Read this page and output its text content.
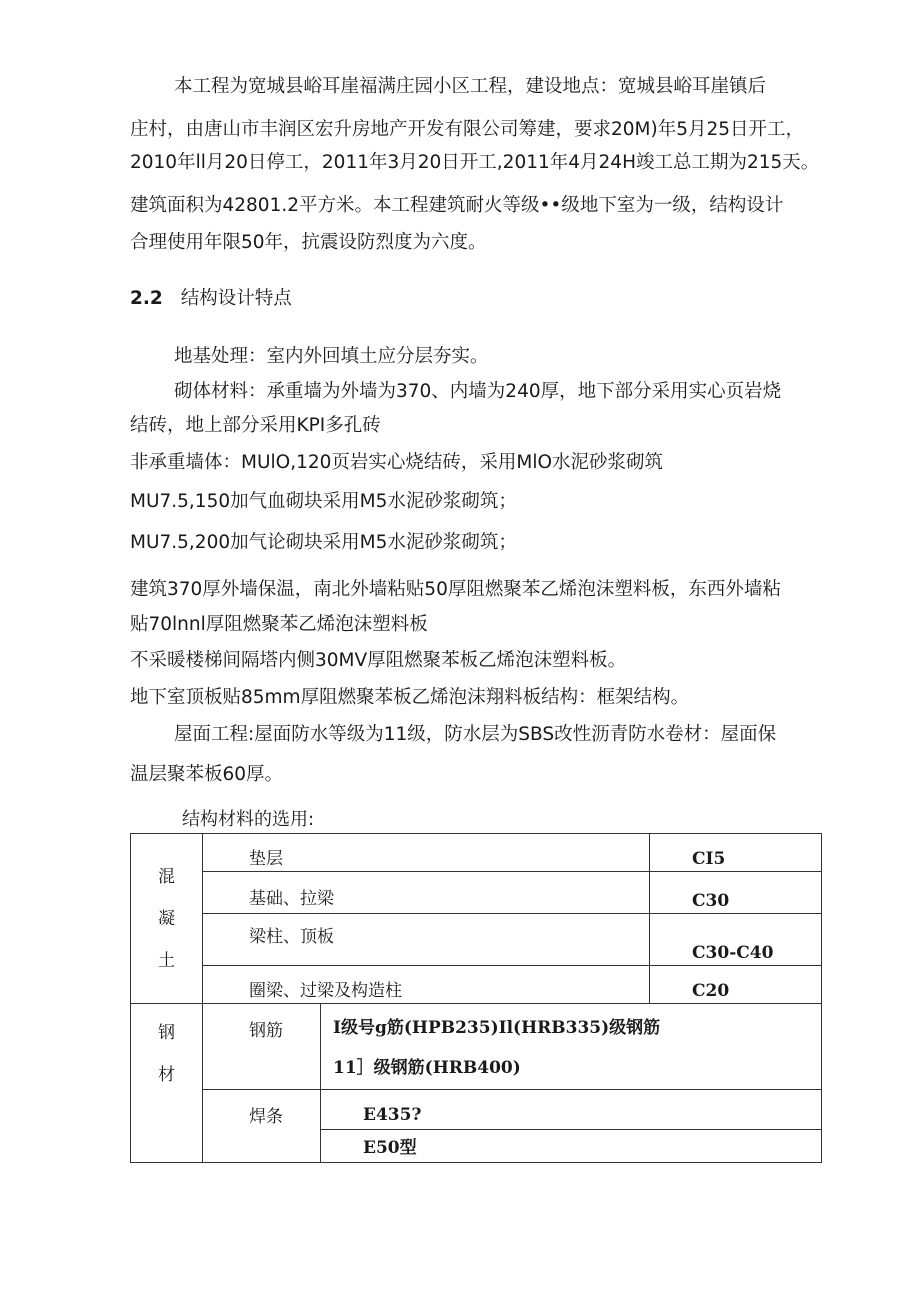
本工程为宽城县峪耳崖福满庄园小区工程，建设地点：宽城县峪耳崖镇后
庄村，由唐山市丰润区宏升房地产开发有限公司筹建，要求20M)年5月25日开工，
2010年ll月20日停工，2011年3月20日开工,2011年4月24H竣工总工期为215天。
建筑面积为42801.2平方米。本工程建筑耐火等级••级地下室为一级，结构设计
合理使用年限50年，抗震设防烈度为六度。
2.2 结构设计特点
地基处理：室内外回填土应分层夯实。
砌体材料：承重墙为外墙为370、内墙为240厚，地下部分采用实心页岩烧
结砖，地上部分采用KPI多孔砖
非承重墙体：MUlO,120页岩实心烧结砖，采用MlO水泥砂浆砌筑
MU7.5,150加气血砌块采用M5水泥砂浆砌筑；
MU7.5,200加气论砌块采用M5水泥砂浆砌筑；
建筑370厚外墙保温，南北外墙粘贴50厚阻燃聚苯乙烯泡沫塑料板，东西外墙粘
贴70lnnl厚阻燃聚苯乙烯泡沫塑料板
不采暖楼梯间隔塔内侧30MV厚阻燃聚苯板乙烯泡沫塑料板。
地下室顶板贴85mm厚阻燃聚苯板乙烯泡沫翔料板结构：框架结构。
屋面工程:屋面防水等级为11级，防水层为SBS改性沥青防水卷材：屋面保
温层聚苯板60厚。
结构材料的选用:
混
凝
土	垫层		CI5
	基础、拉梁		C30
	梁柱、顶板		C30-C40
	圈梁、过梁及构造柱		C20

钢
材	钢筋	I级号g筋(HPB235)Il(HRB335)级钢筋
11］级钢筋(HRB400)	

	焊条	E435?	
		E50型	
